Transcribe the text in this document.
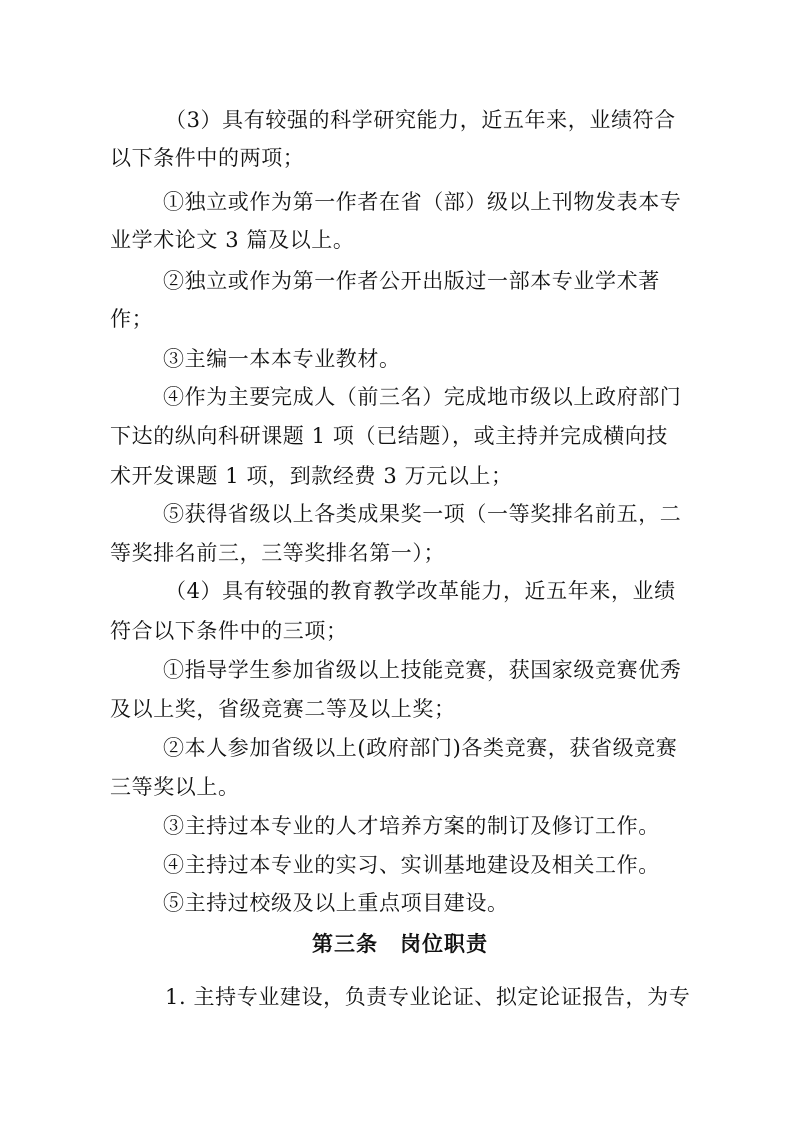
（3）具有较强的科学研究能力，近五年来，业绩符合
以下条件中的两项；
①独立或作为第一作者在省（部）级以上刊物发表本专
业学术论文 3 篇及以上。
②独立或作为第一作者公开出版过一部本专业学术著
作；
③主编一本本专业教材。
④作为主要完成人（前三名）完成地市级以上政府部门
下达的纵向科研课题 1 项（已结题），或主持并完成横向技
术开发课题 1 项，到款经费 3 万元以上；
⑤获得省级以上各类成果奖一项（一等奖排名前五，二
等奖排名前三，三等奖排名第一）；
（4）具有较强的教育教学改革能力，近五年来，业绩
符合以下条件中的三项；
①指导学生参加省级以上技能竞赛，获国家级竞赛优秀
及以上奖，省级竞赛二等及以上奖；
②本人参加省级以上(政府部门)各类竞赛，获省级竞赛
三等奖以上。
③主持过本专业的人才培养方案的制订及修订工作。
④主持过本专业的实习、实训基地建设及相关工作。
⑤主持过校级及以上重点项目建设。
第三条　岗位职责
1. 主持专业建设，负责专业论证、拟定论证报告，为专
